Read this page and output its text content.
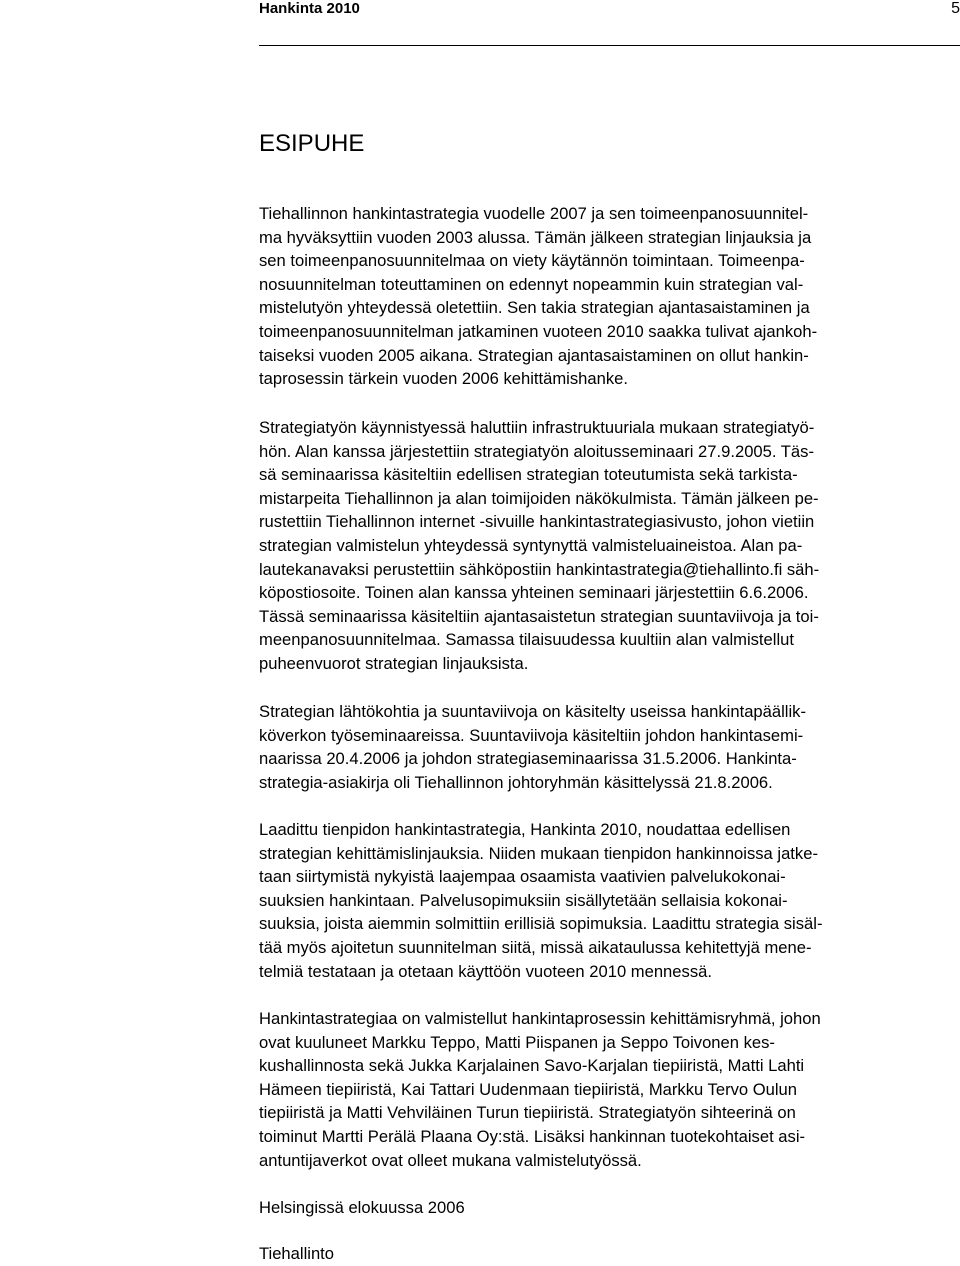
Hankinta 2010	5
ESIPUHE

Tiehallinnon hankintastrategia vuodelle 2007 ja sen toimeenpanosuunnitel-
ma hyväksyttiin vuoden 2003 alussa. Tämän jälkeen strategian linjauksia ja
sen toimeenpanosuunnitelmaa on viety käytännön toimintaan. Toimeenpa-
nosuunnitelman toteuttaminen on edennyt nopeammin kuin strategian val-
mistelutyön yhteydessä oletettiin. Sen takia strategian ajantasaistaminen ja
toimeenpanosuunnitelman jatkaminen vuoteen 2010 saakka tulivat ajankoh-
taiseksi vuoden 2005 aikana. Strategian ajantasaistaminen on ollut hankin-
taprosessin tärkein vuoden 2006 kehittämishanke.

Strategiatyön käynnistyessä haluttiin infrastruktuuriala mukaan strategiatyö-
hön. Alan kanssa järjestettiin strategiatyön aloitusseminaari 27.9.2005. Täs-
sä seminaarissa käsiteltiin edellisen strategian toteutumista sekä tarkista-
mistarpeita Tiehallinnon ja alan toimijoiden näkökulmista. Tämän jälkeen pe-
rustettiin Tiehallinnon internet -sivuille hankintastrategiasivusto, johon vietiin
strategian valmistelun yhteydessä syntynyttä valmisteluaineistoa. Alan pa-
lautekanavaksi perustettiin sähköpostiin hankintastrategia@tiehallinto.fi säh-
köpostiosoite. Toinen alan kanssa yhteinen seminaari järjestettiin 6.6.2006.
Tässä seminaarissa käsiteltiin ajantasaistetun strategian suuntaviivoja ja toi-
meenpanosuunnitelmaa. Samassa tilaisuudessa kuultiin alan valmistellut
puheenvuorot strategian linjauksista.

Strategian lähtökohtia ja suuntaviivoja on käsitelty useissa hankintapäällik-
köverkon työseminaareissa. Suuntaviivoja käsiteltiin johdon hankintasemi-
naarissa 20.4.2006 ja johdon strategiaseminaarissa 31.5.2006. Hankinta-
strategia-asiakirja oli Tiehallinnon johtoryhmän käsittelyssä 21.8.2006.

Laadittu tienpidon hankintastrategia, Hankinta 2010, noudattaa edellisen
strategian kehittämislinjauksia. Niiden mukaan tienpidon hankinnoissa jatke-
taan siirtymistä nykyistä laajempaa osaamista vaativien palvelukokonai-
suuksien hankintaan. Palvelusopimuksiin sisällytetään sellaisia kokonai-
suuksia, joista aiemmin solmittiin erillisiä sopimuksia. Laadittu strategia sisäl-
tää myös ajoitetun suunnitelman siitä, missä aikataulussa kehitettyjä mene-
telmiä testataan ja otetaan käyttöön vuoteen 2010 mennessä.

Hankintastrategiaa on valmistellut hankintaprosessin kehittämisryhmä, johon
ovat kuuluneet Markku Teppo, Matti Piispanen ja Seppo Toivonen kes-
kushallinnosta sekä Jukka Karjalainen Savo-Karjalan tiepiiristä, Matti Lahti
Hämeen tiepiiristä, Kai Tattari Uudenmaan tiepiiristä, Markku Tervo Oulun
tiepiiristä ja Matti Vehviläinen Turun tiepiiristä. Strategiatyön sihteerinä on
toiminut Martti Perälä Plaana Oy:stä. Lisäksi hankinnan tuotekohtaiset asi-
antuntijaverkot ovat olleet mukana valmistelutyössä.

Helsingissä elokuussa 2006

Tiehallinto
